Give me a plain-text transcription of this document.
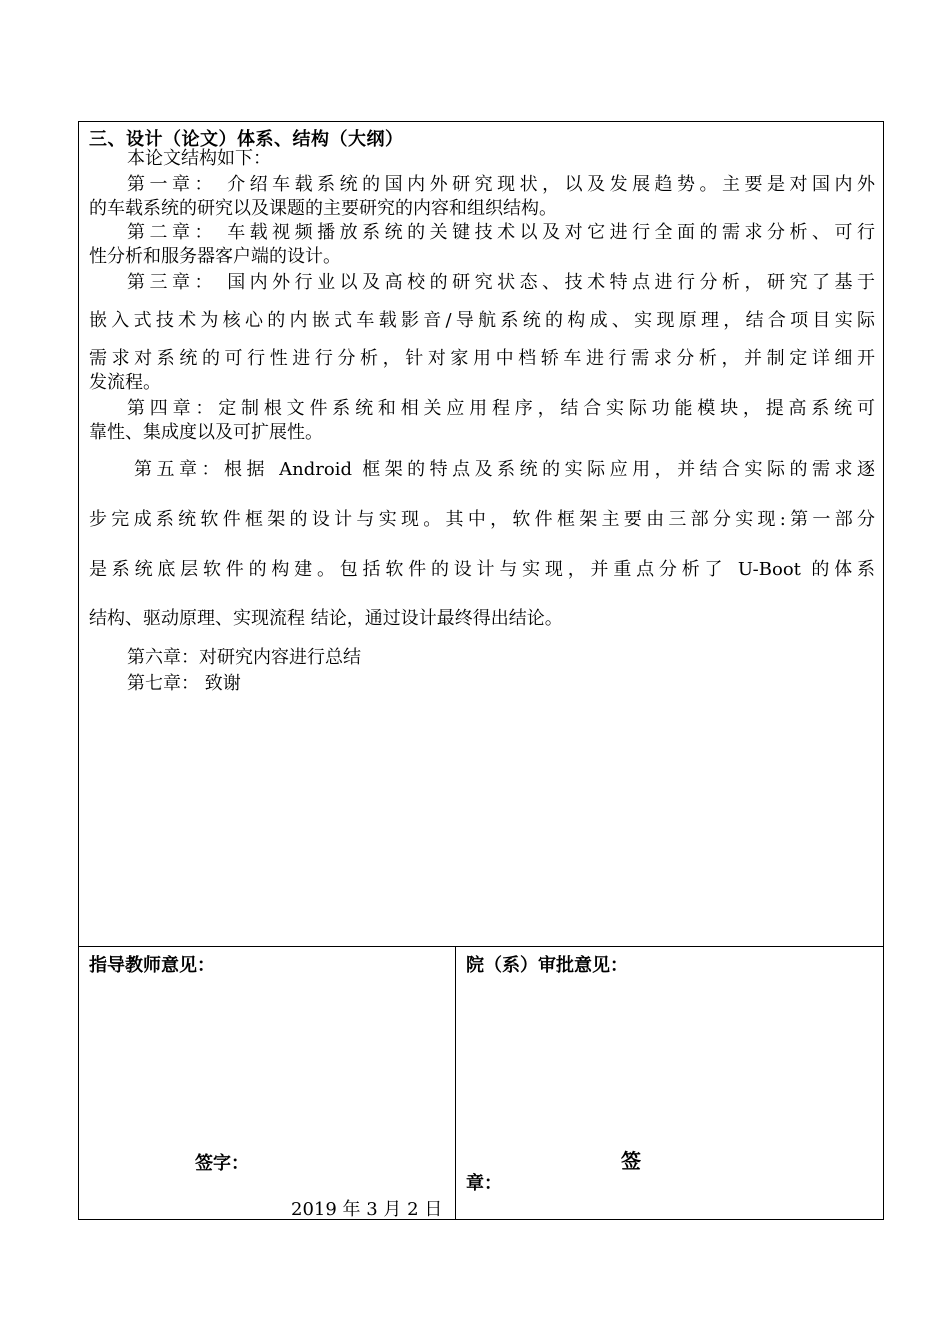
三、设计（论文）体系、结构（大纲）
本论文结构如下：
第一章： 介绍车载系统的国内外研究现状，以及发展趋势。主要是对国内外
的车载系统的研究以及课题的主要研究的内容和组织结构。
第二章： 车载视频播放系统的关键技术以及对它进行全面的需求分析、可行
性分析和服务器客户端的设计。
第三章： 国内外行业以及高校的研究状态、技术特点进行分析，研究了基于
嵌入式技术为核心的内嵌式车载影音/导航系统的构成、实现原理，结合项目实际
需求对系统的可行性进行分析，针对家用中档轿车进行需求分析，并制定详细开
发流程。
第四章：定制根文件系统和相关应用程序，结合实际功能模块，提高系统可
靠性、集成度以及可扩展性。
第五章：根据 Android 框架的特点及系统的实际应用，并结合实际的需求逐
步完成系统软件框架的设计与实现。其中，软件框架主要由三部分实现:第一部分
是系统底层软件的构建。包括软件的设计与实现，并重点分析了 U-Boot 的体系
结构、驱动原理、实现流程 结论，通过设计最终得出结论。
第六章：对研究内容进行总结
第七章： 致谢
指导教师意见：
签字：
2019 年 3 月 2 日
院（系）审批意见：
签
章：
